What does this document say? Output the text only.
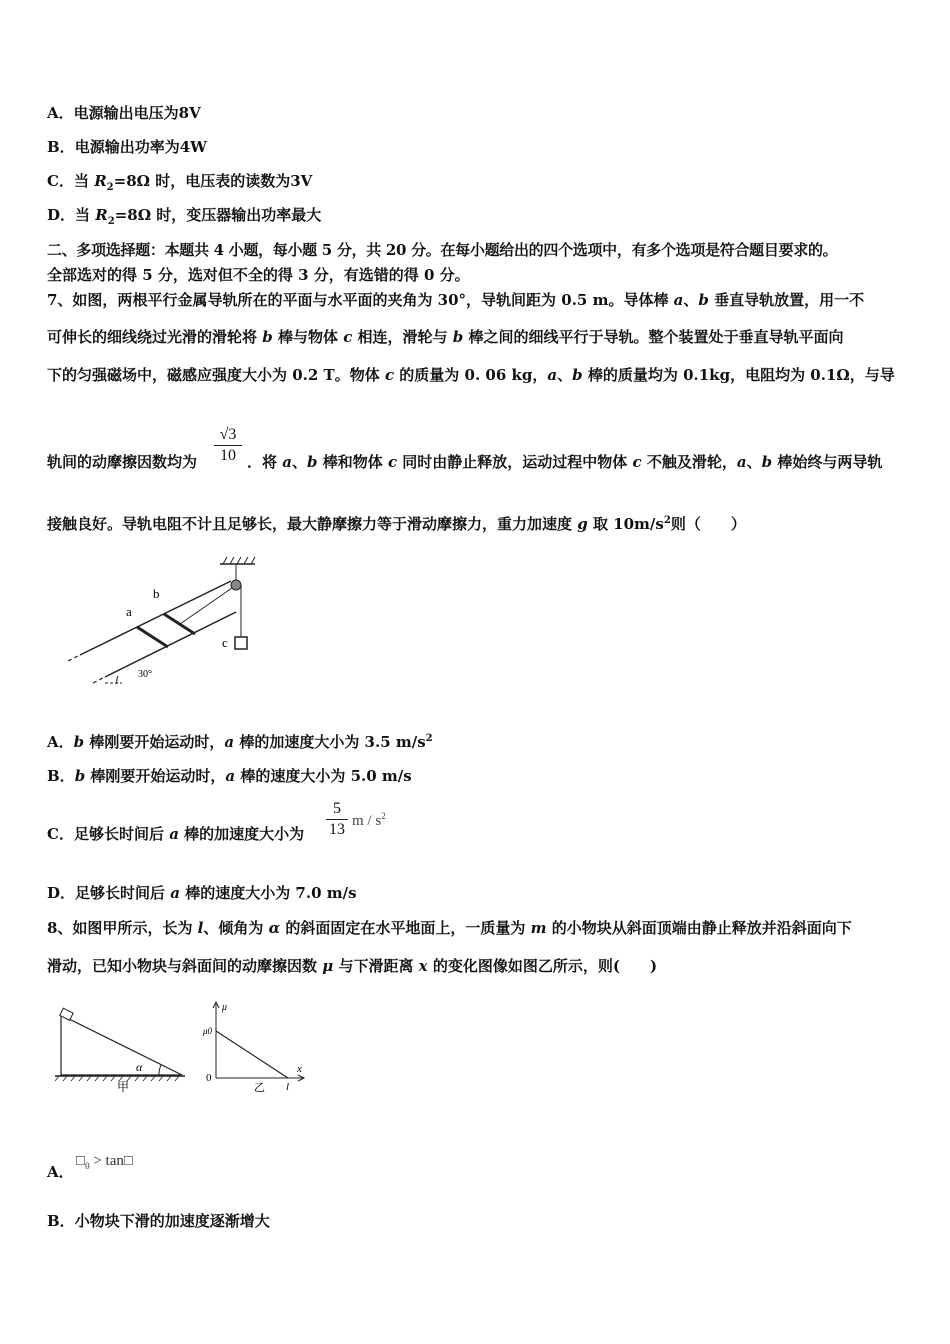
A．电源输出电压为8V
B．电源输出功率为4W
C．当 $R_2=8\Omega$ 时，电压表的读数为3V
D．当 $R_2=8\Omega$ 时，变压器输出功率最大
二、多项选择题：本题共 4 小题，每小题 5 分，共 20 分。在每小题给出的四个选项中，有多个选项是符合题目要求的。
全部选对的得 5 分，选对但不全的得 3 分，有选错的得 0 分。
7、如图，两根平行金属导轨所在的平面与水平面的夹角为 30°，导轨间距为 0.5 m。导体棒 a、b 垂直导轨放置，用一不
可伸长的细线绕过光滑的滑轮将 b 棒与物体 c 相连，滑轮与 b 棒之间的细线平行于导轨。整个装置处于垂直导轨平面向
下的匀强磁场中，磁感应强度大小为 0.2 T。物体 c 的质量为 0. 06 kg，a、b 棒的质量均为 0.1kg，电阻均为 0.1Ω，与导
√3
10
轨间的动摩擦因数均为	．将 a、b 棒和物体 c 同时由静止释放，运动过程中物体 c 不触及滑轮，a、b 棒始终与两导轨
接触良好。导轨电阻不计且足够长，最大静摩擦力等于滑动摩擦力，重力加速度 g 取 $10m/s^2$则（　　）
b
a
c
30°
A．b 棒刚要开始运动时，a 棒的加速度大小为 3.5 $m/s^2$
B．b 棒刚要开始运动时，a 棒的速度大小为 5.0 m/s
C．足够长时间后 a 棒的加速度大小为
5
13 m / $s^2$
D．足够长时间后 a 棒的速度大小为 7.0 m/s
8、如图甲所示，长为 l、倾角为 α 的斜面固定在水平地面上，一质量为 m 的小物块从斜面顶端由静止释放并沿斜面向下
滑动，已知小物块与斜面间的动摩擦因数 μ 与下滑距离 x 的变化图像如图乙所示，则(　　)
α
甲
μ
μ0
0
x
l
乙
A．
$□_0$ > tan□
B．小物块下滑的加速度逐渐增大
